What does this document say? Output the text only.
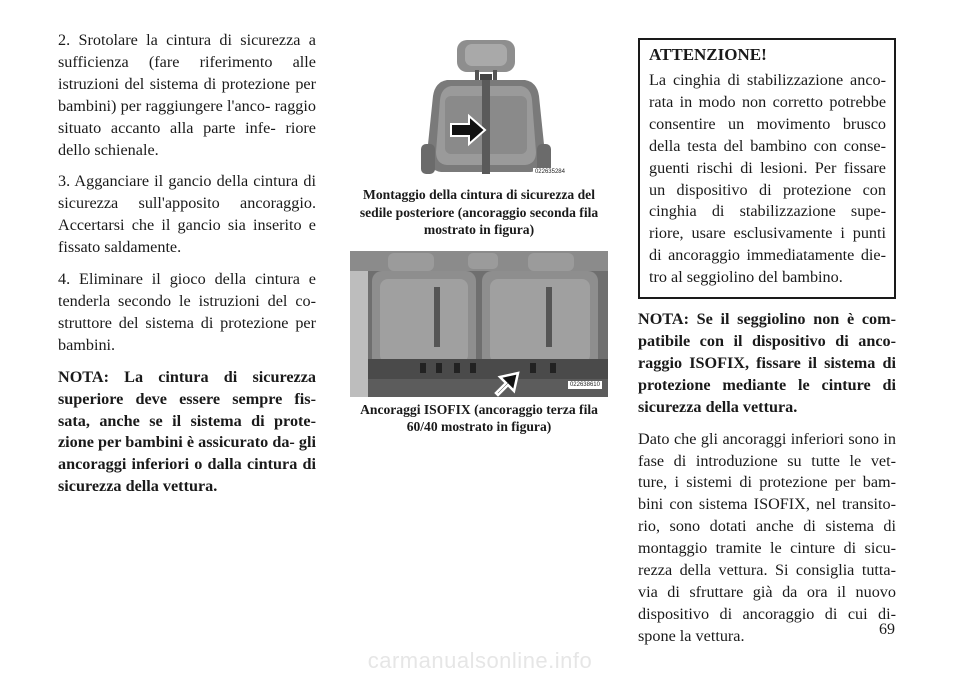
2. Srotolare la cintura di sicurezza a sufficienza (fare riferimento alle istruzioni del sistema di protezione per bambini) per raggiungere l'anco- raggio situato accanto alla parte infe- riore dello schienale.

3. Agganciare il gancio della cintura di sicurezza sull'apposito ancoraggio. Accertarsi che il gancio sia inserito e fissato saldamente.

4. Eliminare il gioco della cintura e tenderla secondo le istruzioni del co- struttore del sistema di protezione per bambini.

NOTA: La cintura di sicurezza superiore deve essere sempre fis- sata, anche se il sistema di prote- zione per bambini è assicurato da- gli ancoraggi inferiori o dalla cintura di sicurezza della vettura.

022635284

Montaggio della cintura di sicurezza del sedile posteriore (ancoraggio seconda fila mostrato in figura)

022638610

Ancoraggi ISOFIX (ancoraggio terza fila 60/40 mostrato in figura)

ATTENZIONE!

La cinghia di stabilizzazione anco- rata in modo non corretto potrebbe consentire un movimento brusco della testa del bambino con conse- guenti rischi di lesioni. Per fissare un dispositivo di protezione con cinghia di stabilizzazione supe- riore, usare esclusivamente i punti di ancoraggio immediatamente die- tro al seggiolino del bambino.

NOTA: Se il seggiolino non è com- patibile con il dispositivo di anco- raggio ISOFIX, fissare il sistema di protezione mediante le cinture di sicurezza della vettura.

Dato che gli ancoraggi inferiori sono in fase di introduzione su tutte le vet- ture, i sistemi di protezione per bam- bini con sistema ISOFIX, nel transito- rio, sono dotati anche di sistema di montaggio tramite le cinture di sicu- rezza della vettura. Si consiglia tutta- via di sfruttare già da ora il nuovo dispositivo di ancoraggio di cui di- spone la vettura.	69
carmanualsonline.info
